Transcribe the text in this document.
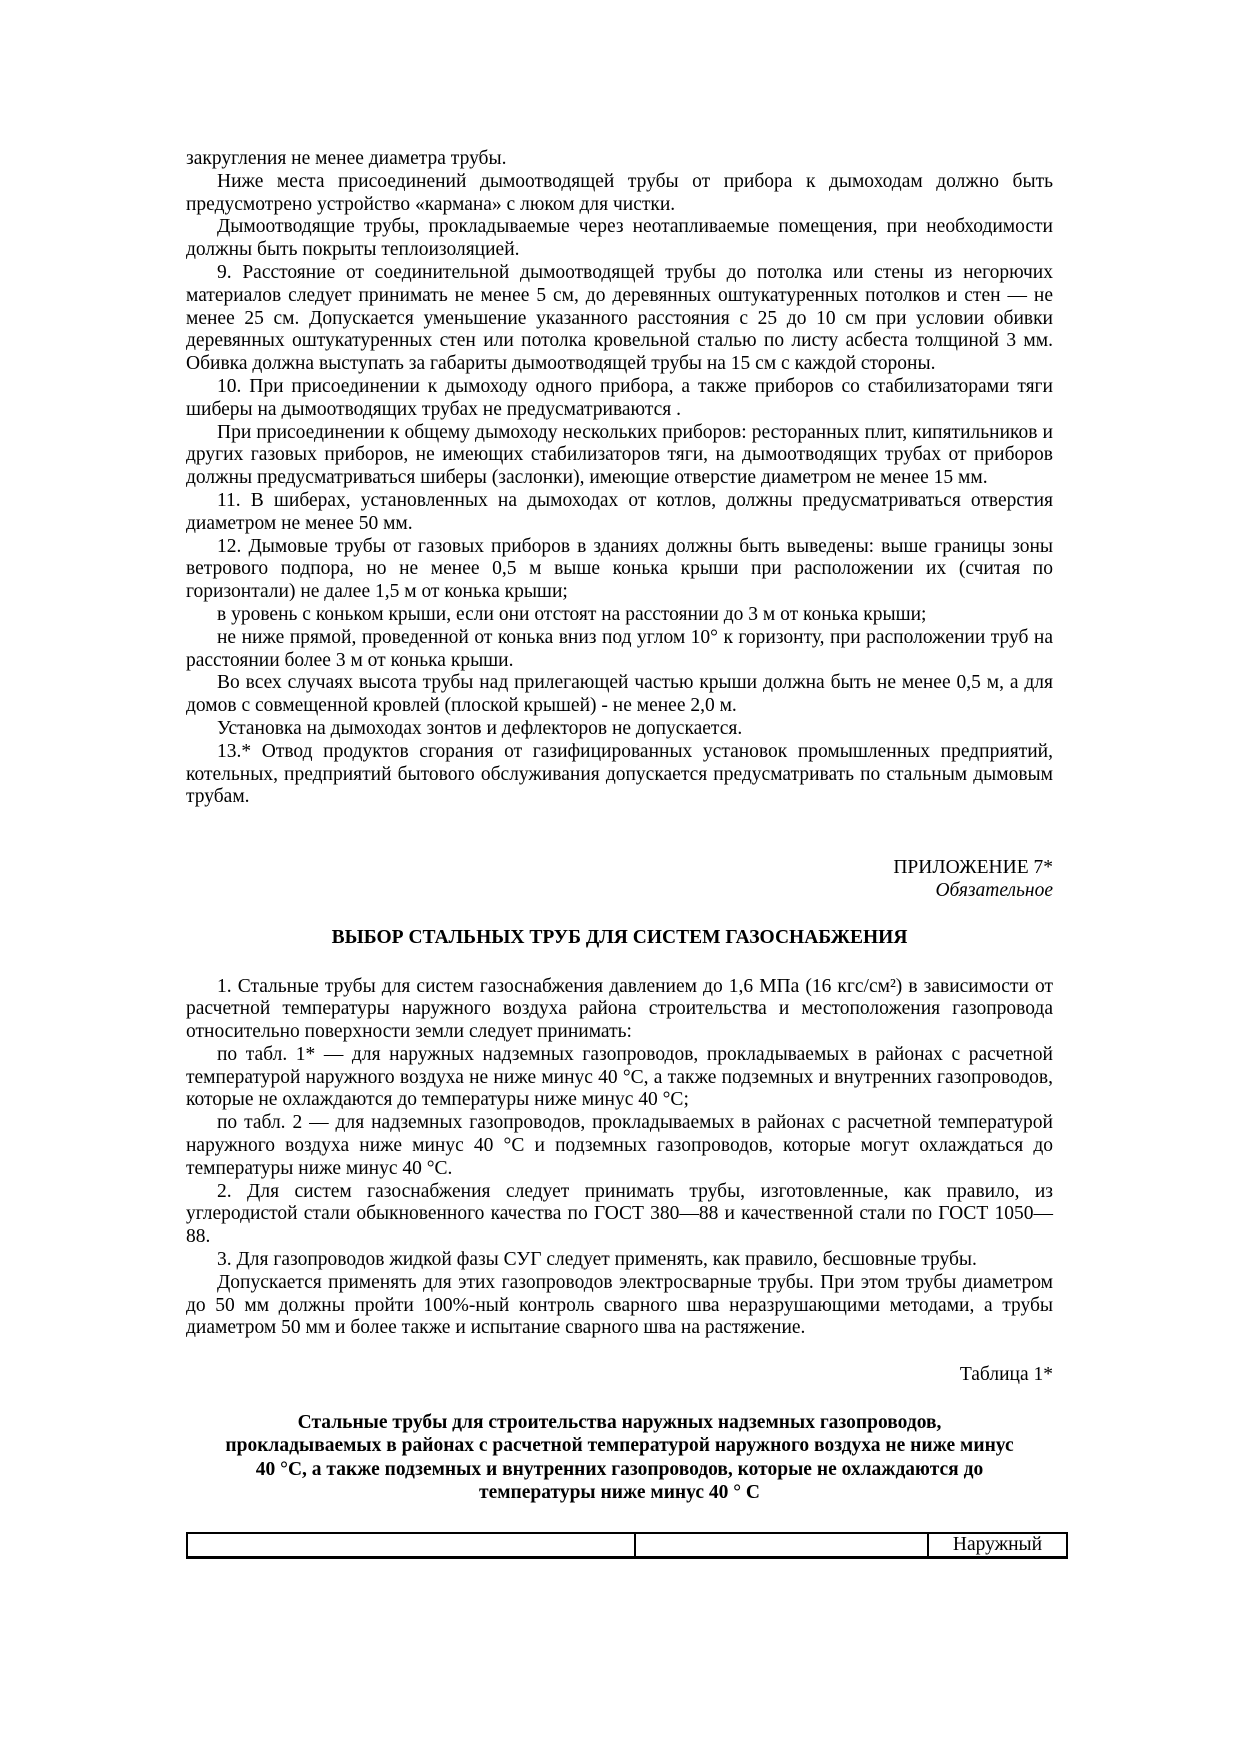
закругления не менее диаметра трубы.

Ниже места присоединений дымоотводящей трубы от прибора к дымоходам должно быть предусмотрено устройство «кармана» с люком для чистки.

Дымоотводящие трубы, прокладываемые через неотапливаемые помещения, при необходимости должны быть покрыты теплоизоляцией.

9. Расстояние от соединительной дымоотводящей трубы до потолка или стены из негорючих материалов следует принимать не менее 5 см, до деревянных оштукатуренных потолков и стен — не менее 25 см. Допускается уменьшение указанного расстояния с 25 до 10 см при условии обивки деревянных оштукатуренных стен или потолка кровельной сталью по листу асбеста толщиной 3 мм. Обивка должна выступать за габариты дымоотводящей трубы на 15 см с каждой стороны.

10. При присоединении к дымоходу одного прибора, а также приборов со стабилизаторами тяги шиберы на дымоотводящих трубах не предусматриваются .

При присоединении к общему дымоходу нескольких приборов: ресторанных плит, кипятильников и других газовых приборов, не имеющих стабилизаторов тяги, на дымоотводящих трубах от приборов должны предусматриваться шиберы (заслонки), имеющие отверстие диаметром не менее 15 мм.

11. В шиберах, установленных на дымоходах от котлов, должны предусматриваться отверстия диаметром не менее 50 мм.

12. Дымовые трубы от газовых приборов в зданиях должны быть выведены: выше границы зоны ветрового подпора, но не менее 0,5 м выше конька крыши при расположении их (считая по горизонтали) не далее 1,5 м от конька крыши;

в уровень с коньком крыши, если они отстоят на расстоянии до 3 м от конька крыши;

не ниже прямой, проведенной от конька вниз под углом 10° к горизонту, при расположении труб на расстоянии более 3 м от конька крыши.

Во всех случаях высота трубы над прилегающей частью крыши должна быть не менее 0,5 м, а для домов с совмещенной кровлей (плоской крышей) - не менее 2,0 м.

Установка на дымоходах зонтов и дефлекторов не допускается.

13.* Отвод продуктов сгорания от газифицированных установок промышленных предприятий, котельных, предприятий бытового обслуживания допускается предусматривать по стальным дымовым трубам.

ПРИЛОЖЕНИЕ 7*
Обязательное
ВЫБОР СТАЛЬНЫХ ТРУБ ДЛЯ СИСТЕМ ГАЗОСНАБЖЕНИЯ

1. Стальные трубы для систем газоснабжения давлением до 1,6 МПа (16 кгс/см²) в зависимости от расчетной температуры наружного воздуха района строительства и местоположения газопровода относительно поверхности земли следует принимать:

по табл. 1* — для наружных надземных газопроводов, прокладываемых в районах с расчетной температурой наружного воздуха не ниже минус 40 °С, а также подземных и внутренних газопроводов, которые не охлаждаются до температуры ниже минус 40 °С;

по табл. 2 — для надземных газопроводов, прокладываемых в районах с расчетной температурой наружного воздуха ниже минус 40 °С и подземных газопроводов, которые могут охлаждаться до температуры ниже минус 40 °С.

2. Для систем газоснабжения следует принимать трубы, изготовленные, как правило, из углеродистой стали обыкновенного качества по ГОСТ 380—88 и качественной стали по ГОСТ 1050—88.

3. Для газопроводов жидкой фазы СУГ следует применять, как правило, бесшовные трубы.

Допускается применять для этих газопроводов электросварные трубы. При этом трубы диаметром до 50 мм должны пройти 100%-ный контроль сварного шва неразрушающими методами, а трубы диаметром 50 мм и более также и испытание сварного шва на растяжение.

Таблица 1*
Стальные трубы для строительства наружных надземных газопроводов,
прокладываемых в районах с расчетной температурой наружного воздуха не ниже минус
40 °С, а также подземных и внутренних газопроводов, которые не охлаждаются до
температуры ниже минус 40 ° С
		Наружный
